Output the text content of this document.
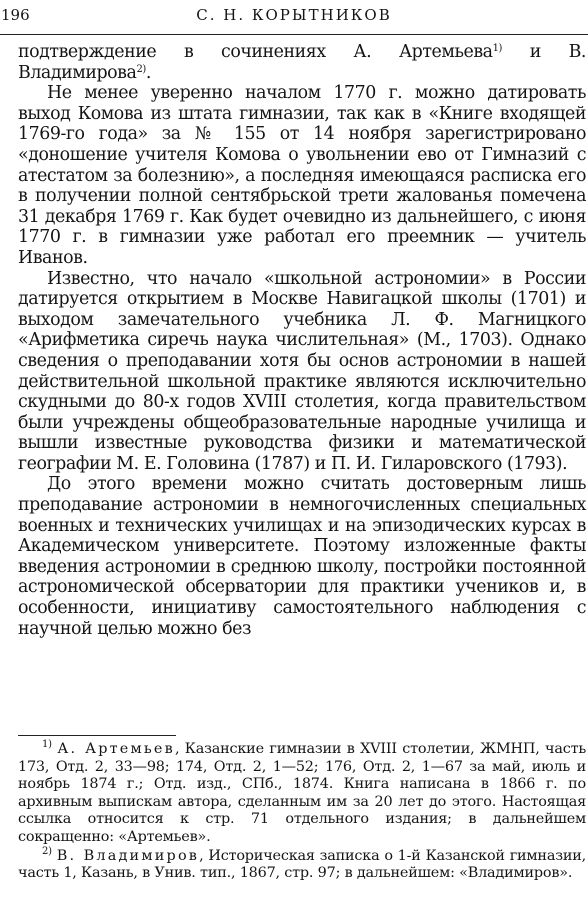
196	С. Н. КОРЫТНИКОВ

подтверждение в сочинениях А. Артемьева$^{1)}$ и В. Владимирова$^{2)}$.

Не менее уверенно началом 1770 г. можно датировать выход Комова из штата гимназии, так как в «Книге входящей 1769-го года» за № 155 от 14 ноября зарегистрировано «доношение учителя Комова о увольнении ево от Гимназий с атестатом за болезнию», а последняя имеющаяся расписка его в получении полной сентябрьской трети жалованья помечена 31 декабря 1769 г. Как будет очевидно из дальнейшего, с июня 1770 г. в гимназии уже работал его преемник — учитель Иванов.

Известно, что начало «школьной астрономии» в России датируется открытием в Москве Навигацкой школы (1701) и выходом замечательного учебника Л. Ф. Магницкого «Арифметика сиречь наука числительная» (М., 1703). Однако сведения о преподавании хотя бы основ астрономии в нашей действительной школьной практике являются исключительно скудными до 80-х годов XVIII столетия, когда правительством были учреждены общеобразовательные народные училища и вышли известные руководства физики и математической географии М. Е. Головина (1787) и П. И. Гиларовского (1793).

До этого времени можно считать достоверным лишь преподавание астрономии в немногочисленных специальных военных и технических училищах и на эпизодических курсах в Академическом университете. Поэтому изложенные факты введения астрономии в среднюю школу, постройки постоянной астрономической обсерватории для практики учеников и, в особенности, инициативу самостоятельного наблюдения с научной целью можно без

$^{1)}$ А. Артемьев, Казанские гимназии в XVIII столетии, ЖМНП, часть 173, Отд. 2, 33—98; 174, Отд. 2, 1—52; 176, Отд. 2, 1—67 за май, июль и ноябрь 1874 г.; Отд. изд., СПб., 1874. Книга написана в 1866 г. по архивным выпискам автора, сделанным им за 20 лет до этого. Настоящая ссылка относится к стр. 71 отдельного издания; в дальнейшем сокращенно: «Артемьев».

$^{2)}$ В. Владимиров, Историческая записка о 1-й Казанской гимназии, часть 1, Казань, в Унив. тип., 1867, стр. 97; в дальнейшем: «Владимиров».
